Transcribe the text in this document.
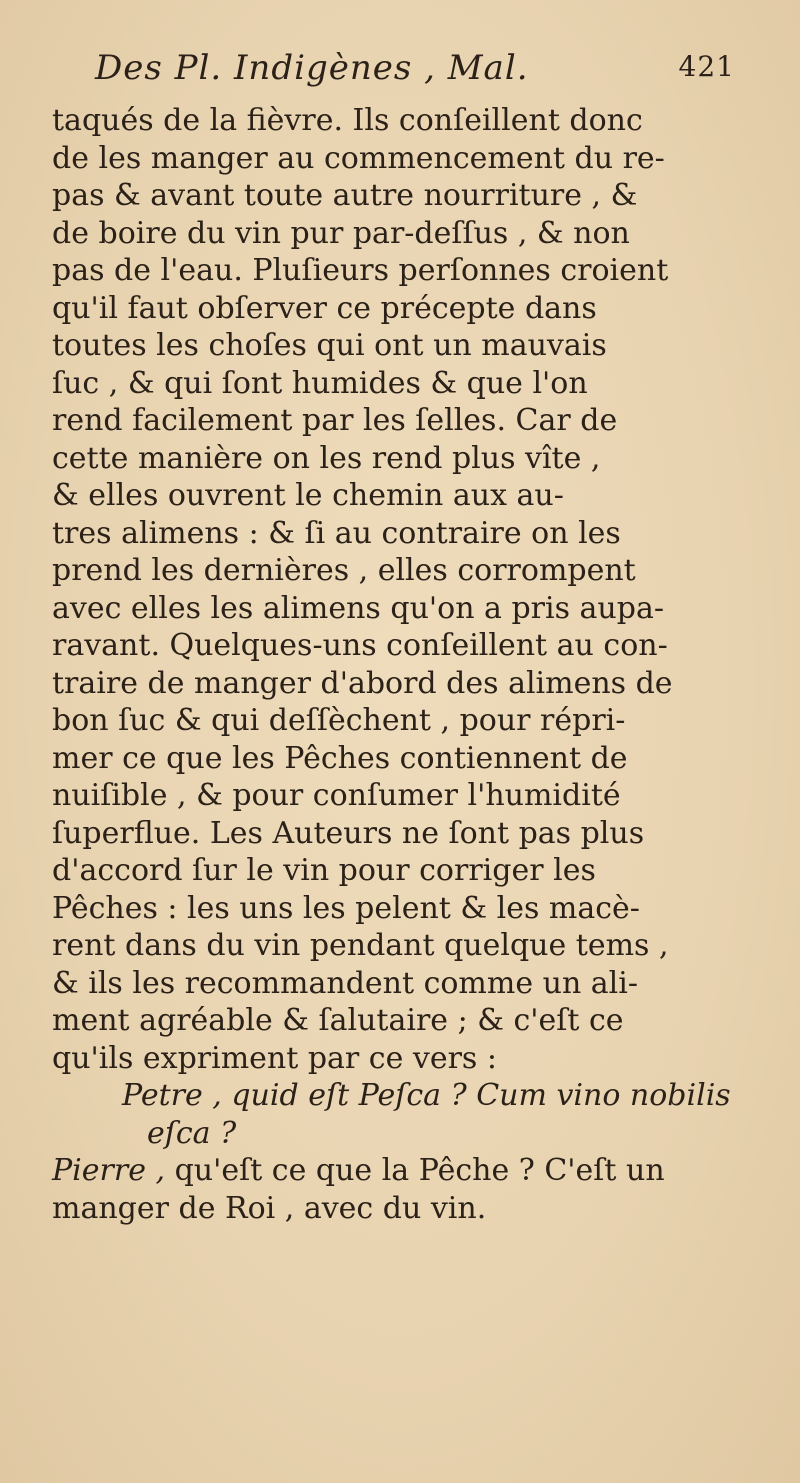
Des Pl. Indigènes , Mal.	421
taqués de la fièvre. Ils conſeillent donc
de les manger au commencement du re-
pas & avant toute autre nourriture , &
de boire du vin pur par-deſſus , & non
pas de l'eau. Pluſieurs perſonnes croient
qu'il faut obſerver ce précepte dans
toutes les choſes qui ont un mauvais
ſuc , & qui ſont humides & que l'on
rend facilement par les ſelles. Car de
cette manière on les rend plus vîte ,
& elles ouvrent le chemin aux au-
tres alimens : & ſi au contraire on les
prend les dernières , elles corrompent
avec elles les alimens qu'on a pris aupa-
ravant. Quelques-uns conſeillent au con-
traire de manger d'abord des alimens de
bon ſuc & qui deſſèchent , pour répri-
mer ce que les Pêches contiennent de
nuiſible , & pour conſumer l'humidité
ſuperflue. Les Auteurs ne ſont pas plus
d'accord ſur le vin pour corriger les
Pêches : les uns les pelent & les macè-
rent dans du vin pendant quelque tems ,
& ils les recommandent comme un ali-
ment agréable & ſalutaire ; & c'eſt ce
qu'ils expriment par ce vers :
Petre , quid eſt Peſca ? Cum vino nobilis
eſca ?
Pierre , qu'eſt ce que la Pêche ? C'eſt un
manger de Roi , avec du vin.
